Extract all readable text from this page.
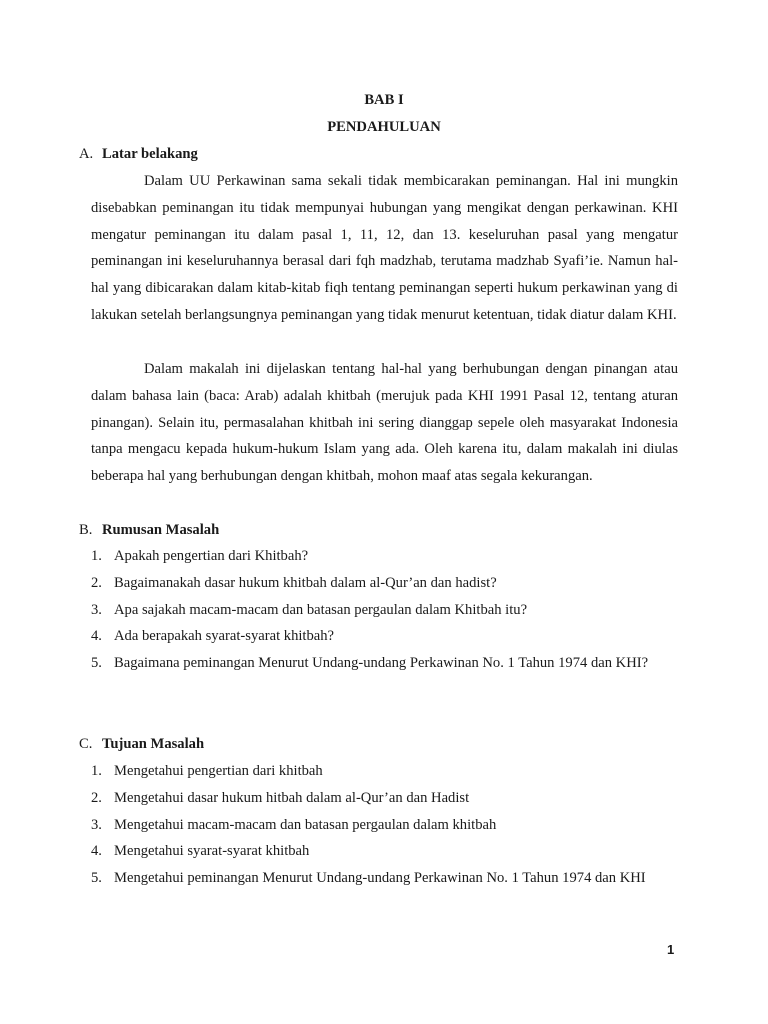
BAB I
PENDAHULUAN
A. Latar belakang

Dalam UU Perkawinan sama sekali tidak membicarakan peminangan. Hal ini mungkin disebabkan peminangan itu tidak mempunyai hubungan yang mengikat dengan perkawinan. KHI mengatur peminangan itu dalam pasal 1, 11, 12, dan 13. keseluruhan pasal yang mengatur peminangan ini keseluruhannya berasal dari fqh madzhab, terutama madzhab Syafi’ie. Namun hal-hal yang dibicarakan dalam kitab-kitab fiqh tentang peminangan seperti hukum perkawinan yang di lakukan setelah berlangsungnya peminangan yang tidak menurut ketentuan, tidak diatur dalam KHI.

Dalam makalah ini dijelaskan tentang hal-hal yang berhubungan dengan pinangan atau dalam bahasa lain (baca: Arab) adalah khitbah (merujuk pada KHI 1991 Pasal 12, tentang aturan pinangan). Selain itu, permasalahan khitbah ini sering dianggap sepele oleh masyarakat Indonesia tanpa mengacu kepada hukum-hukum Islam yang ada. Oleh karena itu, dalam makalah ini diulas beberapa hal yang berhubungan dengan khitbah, mohon maaf atas segala kekurangan.

B. Rumusan Masalah
1. Apakah pengertian dari Khitbah?
2. Bagaimanakah dasar hukum khitbah dalam al-Qur’an dan hadist?
3. Apa sajakah macam-macam dan batasan pergaulan dalam Khitbah itu?
4. Ada berapakah syarat-syarat khitbah?
5. Bagaimana peminangan Menurut Undang-undang Perkawinan No. 1 Tahun 1974 dan KHI?
C. Tujuan Masalah
1. Mengetahui pengertian dari khitbah
2. Mengetahui dasar hukum hitbah dalam al-Qur’an dan Hadist
3. Mengetahui macam-macam dan batasan pergaulan dalam khitbah
4. Mengetahui syarat-syarat khitbah
5. Mengetahui peminangan Menurut Undang-undang Perkawinan No. 1 Tahun 1974 dan KHI
1
